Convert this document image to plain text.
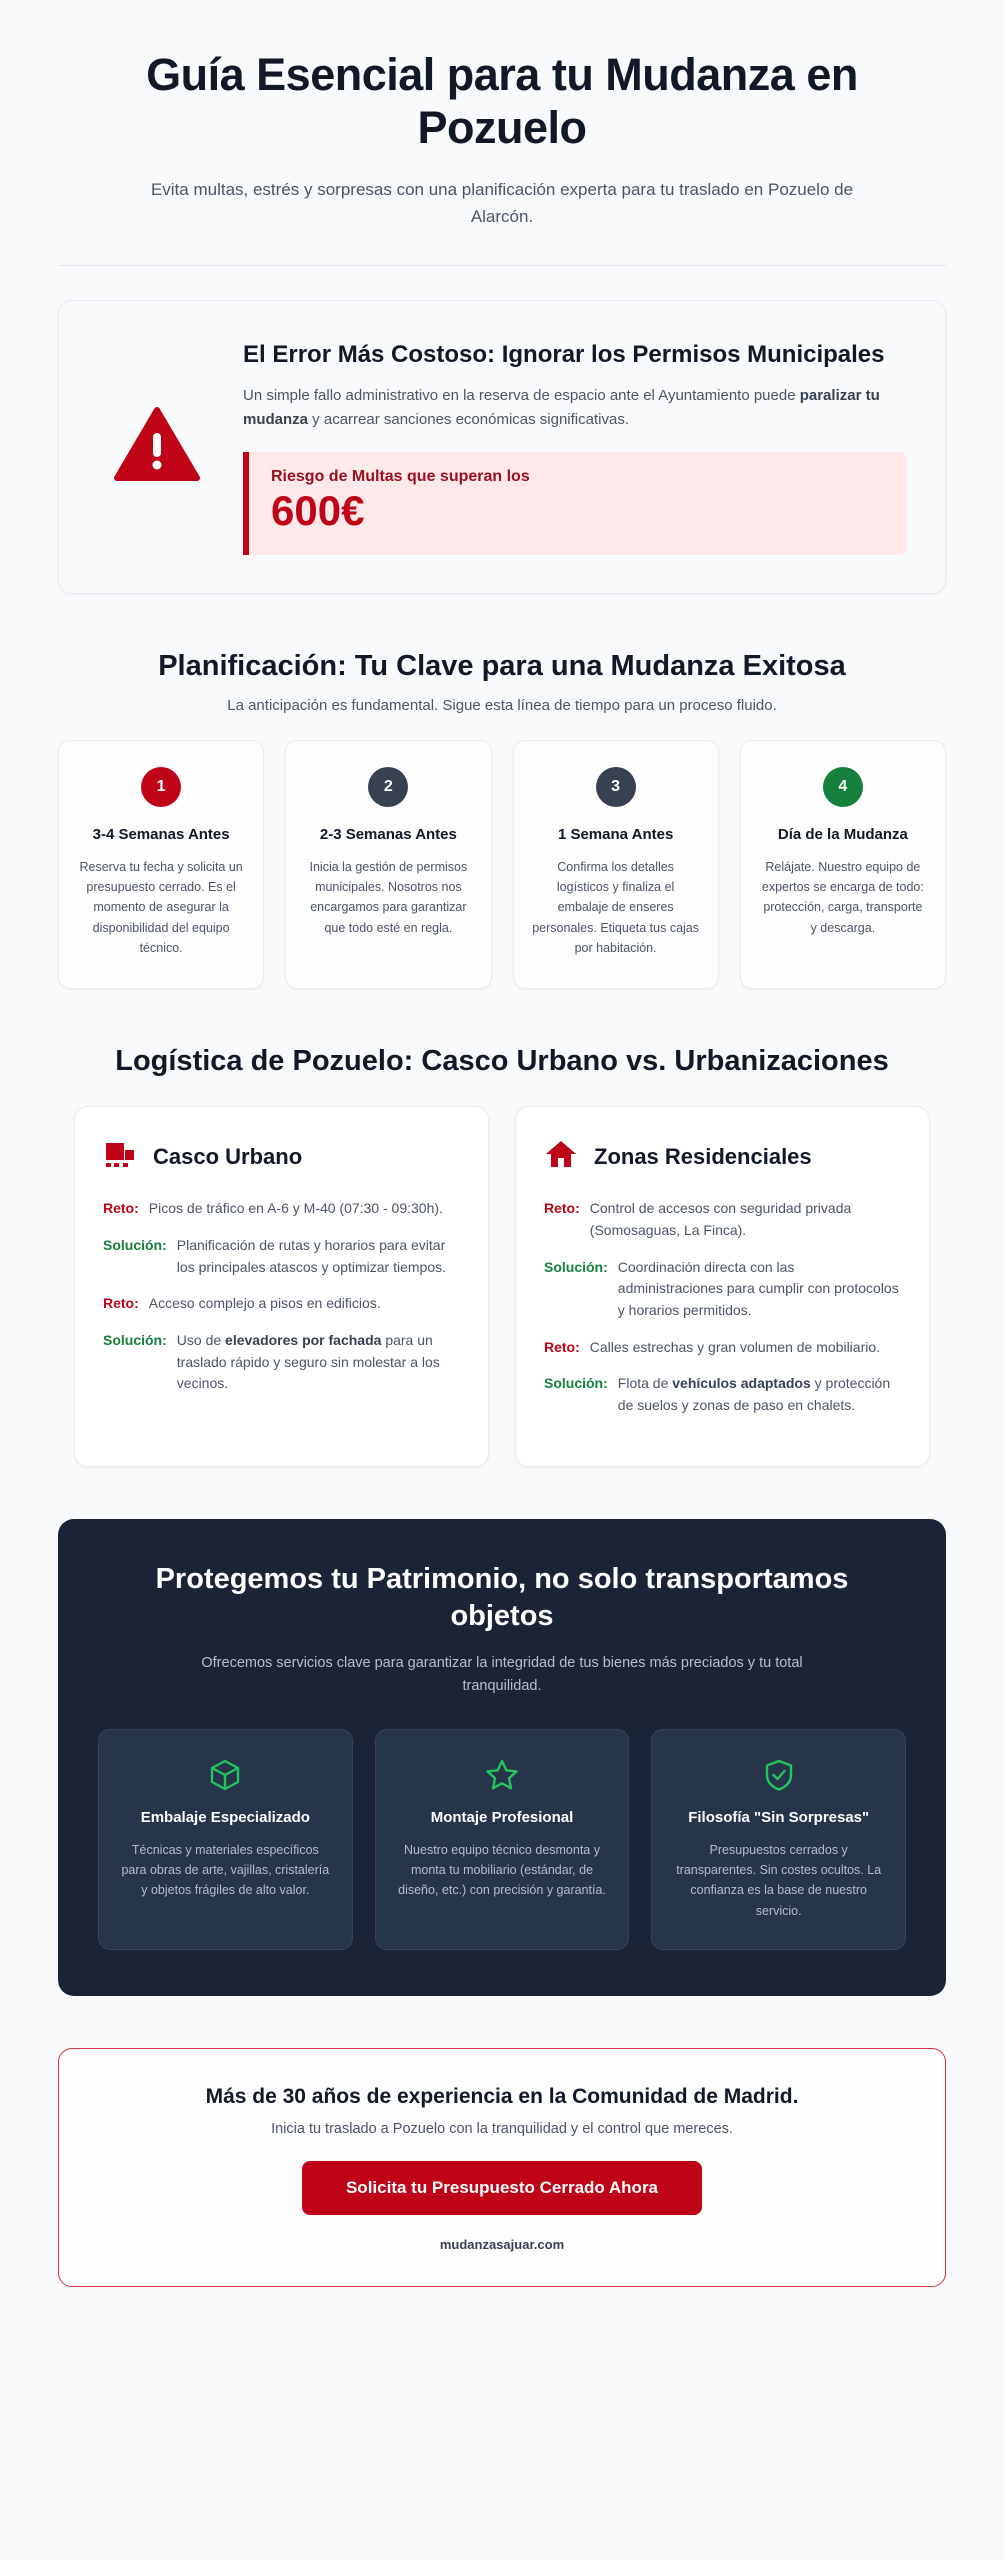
Guía Esencial para tu Mudanza en Pozuelo
Evita multas, estrés y sorpresas con una planificación experta para tu traslado en Pozuelo de Alarcón.
El Error Más Costoso: Ignorar los Permisos Municipales

Un simple fallo administrativo en la reserva de espacio ante el Ayuntamiento puede paralizar tu mudanza y acarrear sanciones económicas significativas.

Riesgo de Multas que superan los
600€
Planificación: Tu Clave para una Mudanza Exitosa
La anticipación es fundamental. Sigue esta línea de tiempo para un proceso fluido.
1
3-4 Semanas Antes
Reserva tu fecha y solicita un presupuesto cerrado. Es el momento de asegurar la disponibilidad del equipo técnico.
2
2-3 Semanas Antes
Inicia la gestión de permisos municipales. Nosotros nos encargamos para garantizar que todo esté en regla.
3
1 Semana Antes
Confirma los detalles logísticos y finaliza el embalaje de enseres personales. Etiqueta tus cajas por habitación.
4
Día de la Mudanza
Relájate. Nuestro equipo de expertos se encarga de todo: protección, carga, transporte y descarga.
Logística de Pozuelo: Casco Urbano vs. Urbanizaciones
Casco Urbano
Reto: Picos de tráfico en A-6 y M-40 (07:30 - 09:30h).
Solución: Planificación de rutas y horarios para evitar los principales atascos y optimizar tiempos.
Reto: Acceso complejo a pisos en edificios.
Solución: Uso de elevadores por fachada para un traslado rápido y seguro sin molestar a los vecinos.
Zonas Residenciales
Reto: Control de accesos con seguridad privada (Somosaguas, La Finca).
Solución: Coordinación directa con las administraciones para cumplir con protocolos y horarios permitidos.
Reto: Calles estrechas y gran volumen de mobiliario.
Solución: Flota de vehículos adaptados y protección de suelos y zonas de paso en chalets.
Protegemos tu Patrimonio, no solo transportamos objetos
Ofrecemos servicios clave para garantizar la integridad de tus bienes más preciados y tu total tranquilidad.
Embalaje Especializado
Técnicas y materiales específicos para obras de arte, vajillas, cristalería y objetos frágiles de alto valor.
Montaje Profesional
Nuestro equipo técnico desmonta y monta tu mobiliario (estándar, de diseño, etc.) con precisión y garantía.
Filosofía "Sin Sorpresas"
Presupuestos cerrados y transparentes. Sin costes ocultos. La confianza es la base de nuestro servicio.
Más de 30 años de experiencia en la Comunidad de Madrid.

Inicia tu traslado a Pozuelo con la tranquilidad y el control que mereces.

Solicita tu Presupuesto Cerrado Ahora
mudanzasajuar.com
